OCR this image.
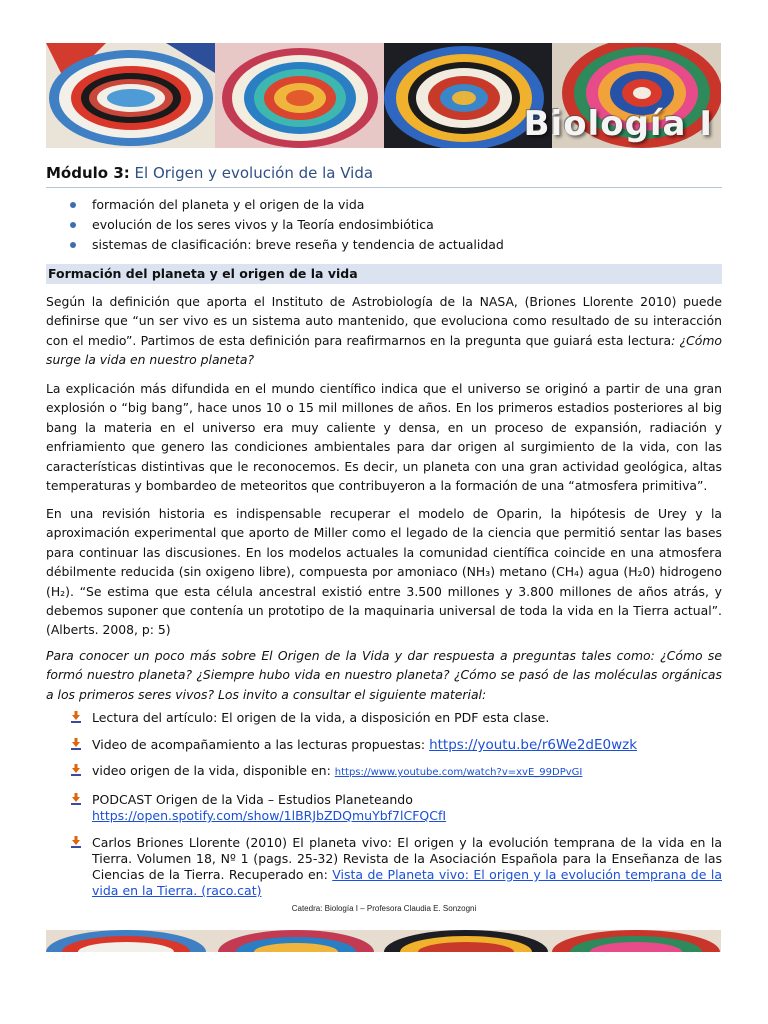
Biología I
Módulo 3: El Origen y evolución de la Vida
formación del planeta y el origen de la vida
evolución de los seres vivos y la Teoría endosimbiótica
sistemas de clasificación: breve reseña y tendencia de actualidad
Formación del planeta y el origen de la vida

Según la definición que aporta el Instituto de Astrobiología de la NASA, (Briones Llorente 2010) puede definirse que “un ser vivo es un sistema auto mantenido, que evoluciona como resultado de su interacción con el medio”. Partimos de esta definición para reafirmarnos en la pregunta que guiará esta lectura: ¿Cómo surge la vida en nuestro planeta?

La explicación más difundida en el mundo científico indica que el universo se originó a partir de una gran explosión o “big bang”, hace unos 10 o 15 mil millones de años. En los primeros estadios posteriores al big bang la materia en el universo era muy caliente y densa, en un proceso de expansión, radiación y enfriamiento que genero las condiciones ambientales para dar origen al surgimiento de la vida, con las características distintivas que le reconocemos. Es decir, un planeta con una gran actividad geológica, altas temperaturas y bombardeo de meteoritos que contribuyeron a la formación de una “atmosfera primitiva”.

En una revisión historia es indispensable recuperar el modelo de Oparin, la hipótesis de Urey y la aproximación experimental que aporto de Miller como el legado de la ciencia que permitió sentar las bases para continuar las discusiones. En los modelos actuales la comunidad científica coincide en una atmosfera débilmente reducida (sin oxigeno libre), compuesta por amoniaco (NH₃) metano (CH₄) agua (H₂0) hidrogeno (H₂). “Se estima que esta célula ancestral existió entre 3.500 millones y 3.800 millones de años atrás, y debemos suponer que contenía un prototipo de la maquinaria universal de toda la vida en la Tierra actual”. (Alberts. 2008, p: 5)

Para conocer un poco más sobre El Origen de la Vida y dar respuesta a preguntas tales como: ¿Cómo se formó nuestro planeta? ¿Siempre hubo vida en nuestro planeta? ¿Cómo se pasó de las moléculas orgánicas a los primeros seres vivos? Los invito a consultar el siguiente material:

Lectura del artículo: El origen de la vida, a disposición en PDF esta clase.
Video de acompañamiento a las lecturas propuestas: https://youtu.be/r6We2dE0wzk
video origen de la vida, disponible en: https://www.youtube.com/watch?v=xvE_99DPvGI
PODCAST Origen de la Vida – Estudios Planeteando
https://open.spotify.com/show/1lBRJbZDQmuYbf7lCFQCfI
Carlos Briones Llorente (2010) El planeta vivo: El origen y la evolución temprana de la vida en la Tierra. Volumen 18, Nº 1 (pags. 25-32) Revista de la Asociación Española para la Enseñanza de las Ciencias de la Tierra. Recuperado en: Vista de Planeta vivo: El origen y la evolución temprana de la vida en la Tierra. (raco.cat)
Catedra: Biología I – Profesora Claudia E. Sonzogni
